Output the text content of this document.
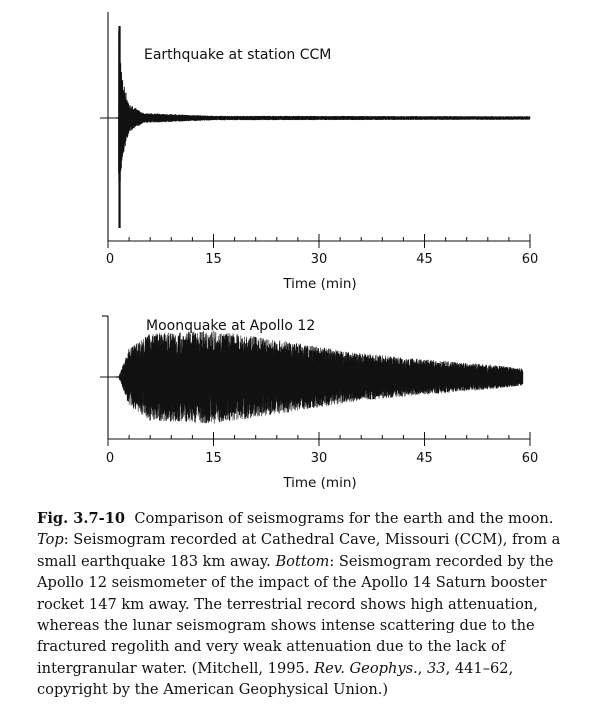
0	15	30	45	60
Earthquake at station CCM
Time (min)
0	15	30	45	60
Moonquake at Apollo 12
Time (min)
Fig. 3.7-10 Comparison of seismograms for the earth and the moon. Top: Seismogram recorded at Cathedral Cave, Missouri (CCM), from a small earthquake 183 km away. Bottom: Seismogram recorded by the Apollo 12 seismometer of the impact of the Apollo 14 Saturn booster rocket 147 km away. The terrestrial record shows high attenuation, whereas the lunar seismogram shows intense scattering due to the fractured regolith and very weak attenuation due to the lack of intergranular water. (Mitchell, 1995. Rev. Geophys., 33, 441–62, copyright by the American Geophysical Union.)
